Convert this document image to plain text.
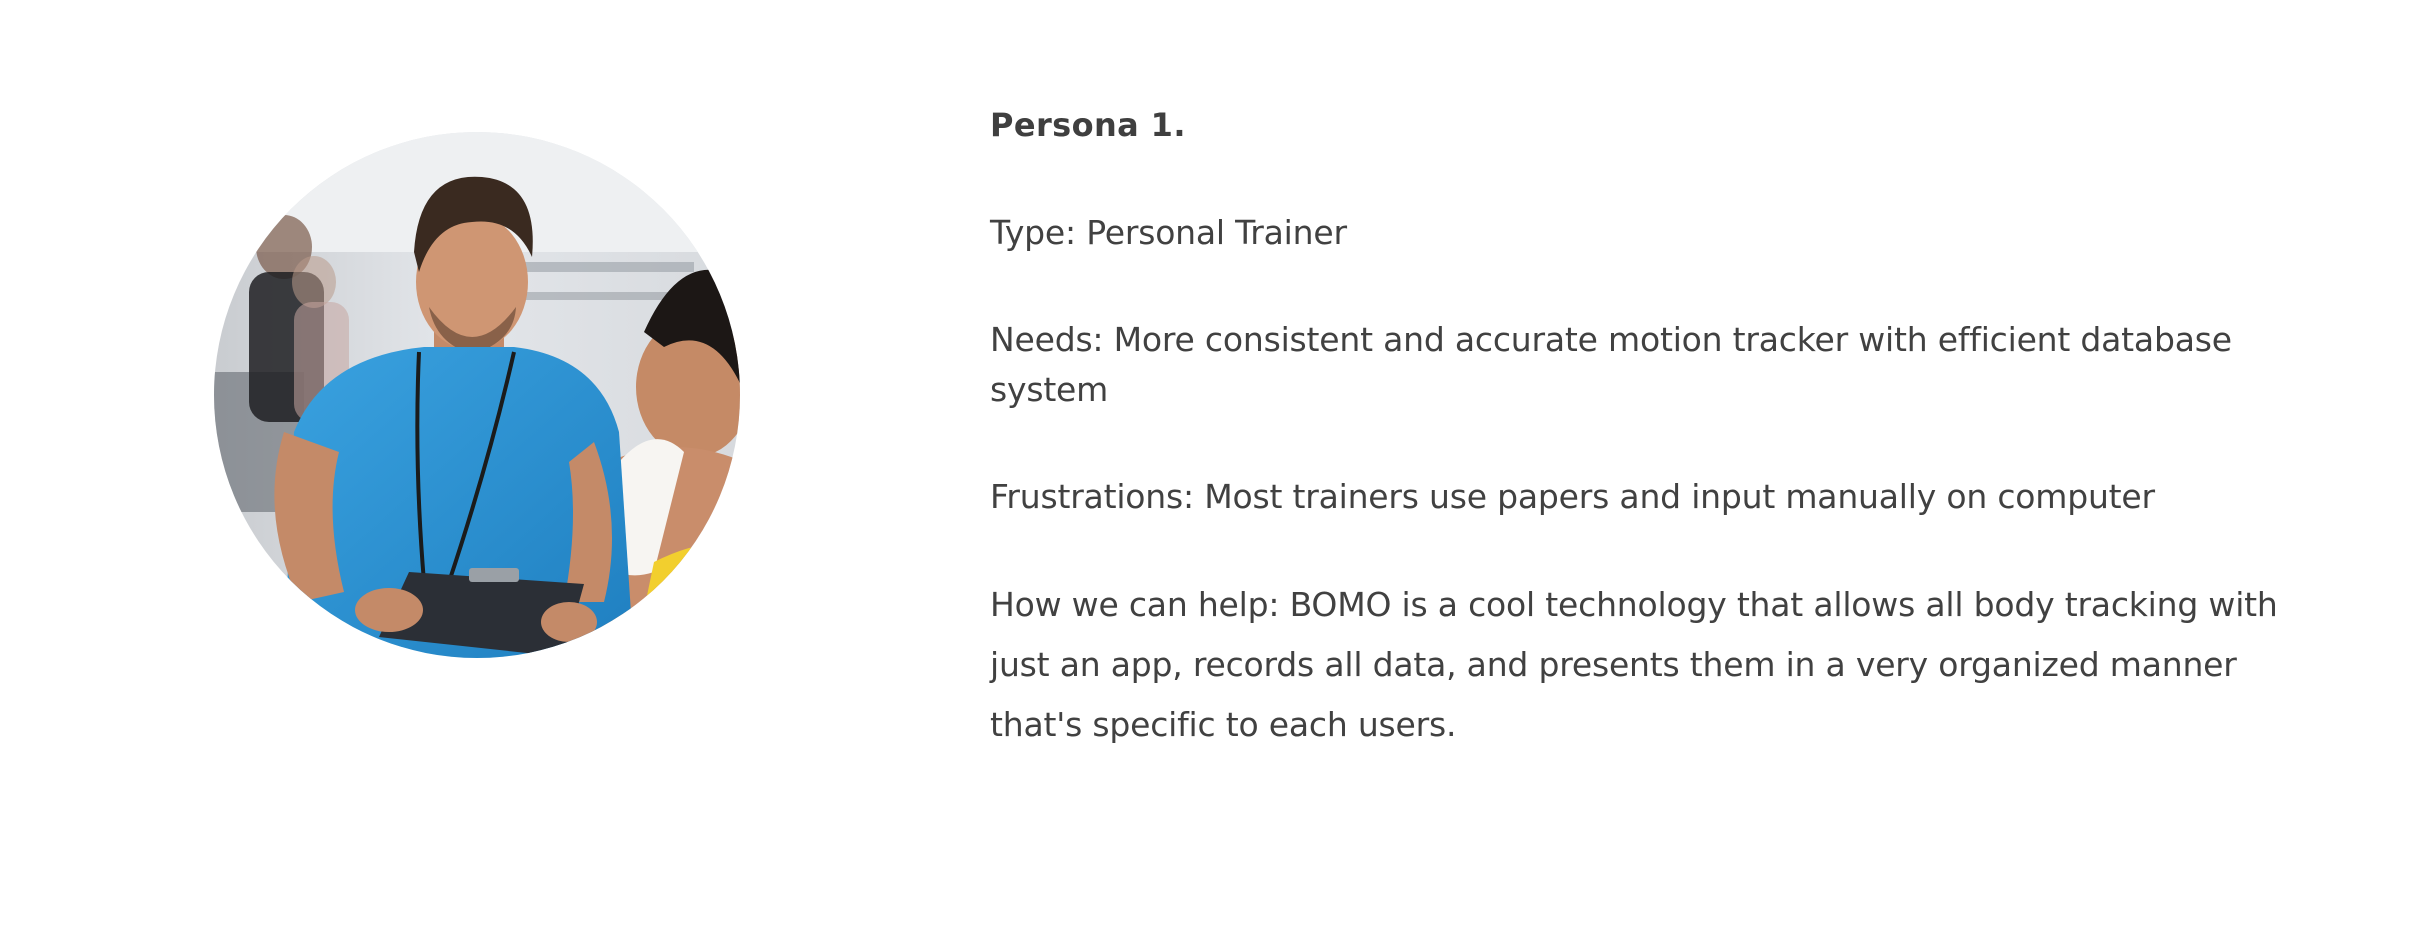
Persona 1.

Type: Personal Trainer

Needs: More consistent and accurate motion tracker with efficient database system

Frustrations: Most trainers use papers and input manually on computer

How we can help: BOMO is a cool technology that allows all body tracking with just an app, records all data, and presents them in a very organized manner that's specific to each users.
